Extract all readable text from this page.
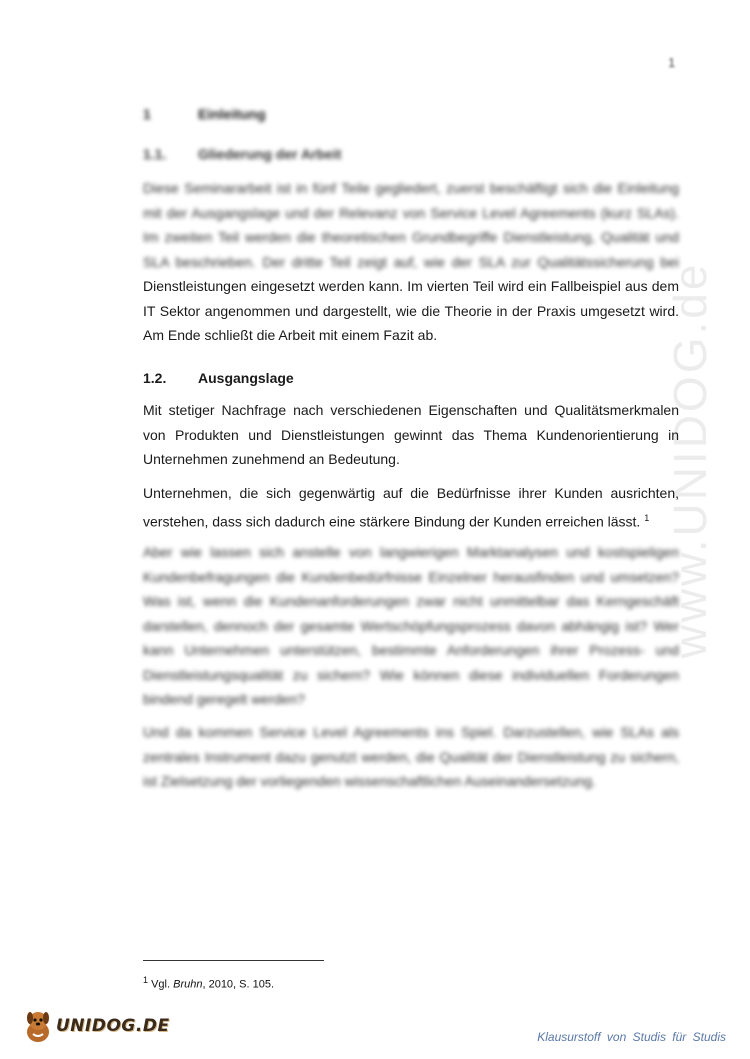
1
www.UNIDOG.de
1	Einleitung
1.1. Gliederung der Arbeit

Diese Seminararbeit ist in fünf Teile gegliedert, zuerst beschäftigt sich die Einleitung mit der Ausgangslage und der Relevanz von Service Level Agreements (kurz SLAs). Im zweiten Teil werden die theoretischen Grundbegriffe Dienstleistung, Qualität und SLA beschrieben. Der dritte Teil zeigt auf, wie der SLA zur Qualitätssicherung bei Dienstleistungen eingesetzt werden kann. Im vierten Teil wird ein Fallbeispiel aus dem IT Sektor angenommen und dargestellt, wie die Theorie in der Praxis umgesetzt wird. Am Ende schließt die Arbeit mit einem Fazit ab.

1.2. Ausgangslage

Mit stetiger Nachfrage nach verschiedenen Eigenschaften und Qualitätsmerkmalen von Produkten und Dienstleistungen gewinnt das Thema Kundenorientierung in Unternehmen zunehmend an Bedeutung.

Unternehmen, die sich gegenwärtig auf die Bedürfnisse ihrer Kunden ausrichten, verstehen, dass sich dadurch eine stärkere Bindung der Kunden erreichen lässt. $^1$

Aber wie lassen sich anstelle von langwierigen Marktanalysen und kostspieligen Kundenbefragungen die Kundenbedürfnisse Einzelner herausfinden und umsetzen? Was ist, wenn die Kundenanforderungen zwar nicht unmittelbar das Kerngeschäft darstellen, dennoch der gesamte Wertschöpfungsprozess davon abhängig ist? Wer kann Unternehmen unterstützen, bestimmte Anforderungen ihrer Prozess- und Dienstleistungsqualität zu sichern? Wie können diese individuellen Forderungen bindend geregelt werden?

Und da kommen Service Level Agreements ins Spiel. Darzustellen, wie SLAs als zentrales Instrument dazu genutzt werden, die Qualität der Dienstleistung zu sichern, ist Zielsetzung der vorliegenden wissenschaftlichen Auseinandersetzung.

$^1$ Vgl. Bruhn, 2010, S. 105.
UNIDOG.DE
Klausurstoff von Studis für Studis
